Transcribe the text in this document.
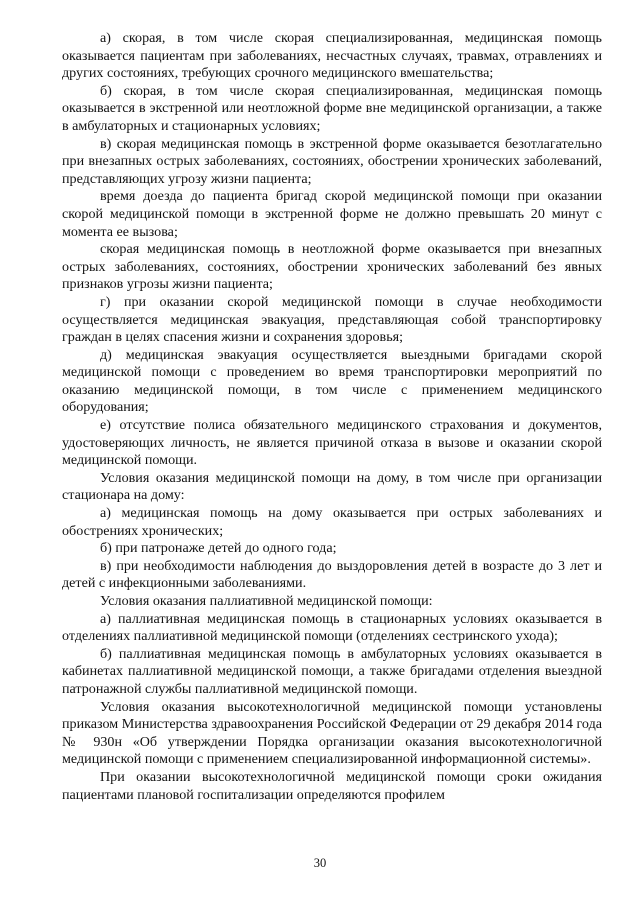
а) скорая, в том числе скорая специализированная, медицинская помощь оказывается пациентам при заболеваниях, несчастных случаях, травмах, отравлениях и других состояниях, требующих срочного медицинского вмешательства;

б) скорая, в том числе скорая специализированная, медицинская помощь оказывается в экстренной или неотложной форме вне медицинской организации, а также в амбулаторных и стационарных условиях;

в) скорая медицинская помощь в экстренной форме оказывается безотлагательно при внезапных острых заболеваниях, состояниях, обострении хронических заболеваний, представляющих угрозу жизни пациента;

время доезда до пациента бригад скорой медицинской помощи при оказании скорой медицинской помощи в экстренной форме не должно превышать 20 минут с момента ее вызова;

скорая медицинская помощь в неотложной форме оказывается при внезапных острых заболеваниях, состояниях, обострении хронических заболеваний без явных признаков угрозы жизни пациента;

г) при оказании скорой медицинской помощи в случае необходимости осуществляется медицинская эвакуация, представляющая собой транспортировку граждан в целях спасения жизни и сохранения здоровья;

д) медицинская эвакуация осуществляется выездными бригадами скорой медицинской помощи с проведением во время транспортировки мероприятий по оказанию медицинской помощи, в том числе с применением медицинского оборудования;

е) отсутствие полиса обязательного медицинского страхования и документов, удостоверяющих личность, не является причиной отказа в вызове и оказании скорой медицинской помощи.

Условия оказания медицинской помощи на дому, в том числе при организации стационара на дому:

а) медицинская помощь на дому оказывается при острых заболеваниях и обострениях хронических;

б) при патронаже детей до одного года;

в) при необходимости наблюдения до выздоровления детей в возрасте до 3 лет и детей с инфекционными заболеваниями.

Условия оказания паллиативной медицинской помощи:

а) паллиативная медицинская помощь в стационарных условиях оказывается в отделениях паллиативной медицинской помощи (отделениях сестринского ухода);

б) паллиативная медицинская помощь в амбулаторных условиях оказывается в кабинетах паллиативной медицинской помощи, а также бригадами отделения выездной патронажной службы паллиативной медицинской помощи.

Условия оказания высокотехнологичной медицинской помощи установлены приказом Министерства здравоохранения Российской Федерации от 29 декабря 2014 года № 930н «Об утверждении Порядка организации оказания высокотехнологичной медицинской помощи с применением специализированной информационной системы».

При оказании высокотехнологичной медицинской помощи сроки ожидания пациентами плановой госпитализации определяются профилем

30
